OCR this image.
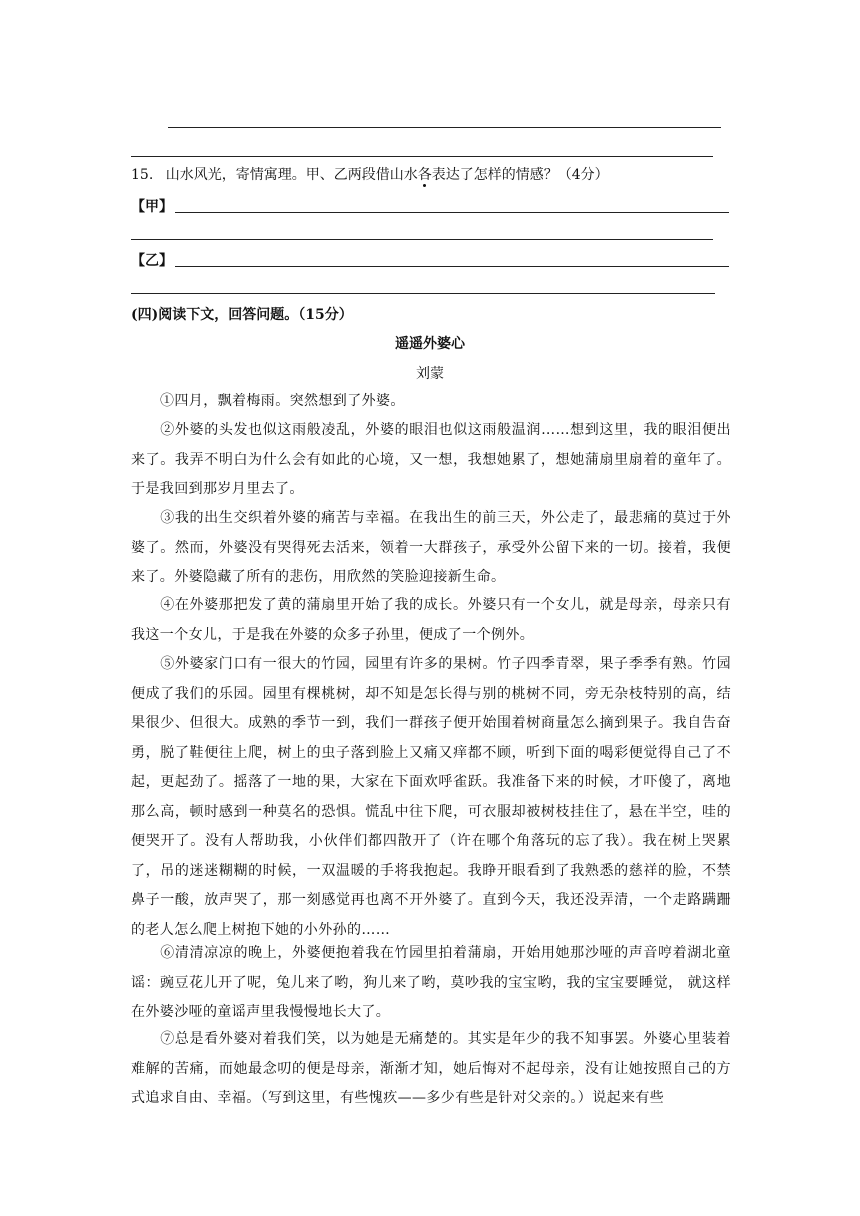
15. 山水风光，寄情寓理。甲、乙两段借山水各表达了怎样的情感？（4分）
【甲】
【乙】
(四)阅读下文，回答问题。（15分）
遥遥外婆心
刘蒙
①四月，飘着梅雨。突然想到了外婆。
②外婆的头发也似这雨般凌乱，外婆的眼泪也似这雨般温润……想到这里，我的眼泪便出来了。我弄不明白为什么会有如此的心境，又一想，我想她累了，想她蒲扇里扇着的童年了。于是我回到那岁月里去了。
③我的出生交织着外婆的痛苦与幸福。在我出生的前三天，外公走了，最悲痛的莫过于外婆了。然而，外婆没有哭得死去活来，领着一大群孩子，承受外公留下来的一切。接着，我便来了。外婆隐藏了所有的悲伤，用欣然的笑脸迎接新生命。
④在外婆那把发了黄的蒲扇里开始了我的成长。外婆只有一个女儿，就是母亲，母亲只有我这一个女儿，于是我在外婆的众多子孙里，便成了一个例外。
⑤外婆家门口有一很大的竹园，园里有许多的果树。竹子四季青翠，果子季季有熟。竹园便成了我们的乐园。园里有棵桃树，却不知是怎长得与别的桃树不同，旁无杂枝特别的高，结果很少、但很大。成熟的季节一到，我们一群孩子便开始围着树商量怎么摘到果子。我自告奋勇，脱了鞋便往上爬，树上的虫子落到脸上又痛又痒都不顾，听到下面的喝彩便觉得自己了不起，更起劲了。摇落了一地的果，大家在下面欢呼雀跃。我准备下来的时候，才吓傻了，离地那么高，顿时感到一种莫名的恐惧。慌乱中往下爬，可衣服却被树枝挂住了，悬在半空，哇的便哭开了。没有人帮助我，小伙伴们都四散开了（许在哪个角落玩的忘了我）。我在树上哭累了，吊的迷迷糊糊的时候，一双温暖的手将我抱起。我睁开眼看到了我熟悉的慈祥的脸，不禁鼻子一酸，放声哭了，那一刻感觉再也离不开外婆了。直到今天，我还没弄清，一个走路蹒跚的老人怎么爬上树抱下她的小外孙的……
⑥清清凉凉的晚上，外婆便抱着我在竹园里拍着蒲扇，开始用她那沙哑的声音哼着湖北童谣：豌豆花儿开了呢，兔儿来了哟，狗儿来了哟，莫吵我的宝宝哟，我的宝宝要睡觉， 就这样在外婆沙哑的童谣声里我慢慢地长大了。
⑦总是看外婆对着我们笑，以为她是无痛楚的。其实是年少的我不知事罢。外婆心里装着难解的苦痛，而她最念叨的便是母亲，渐渐才知，她后悔对不起母亲，没有让她按照自己的方式追求自由、幸福。（写到这里，有些愧疚——多少有些是针对父亲的。）说起来有些
